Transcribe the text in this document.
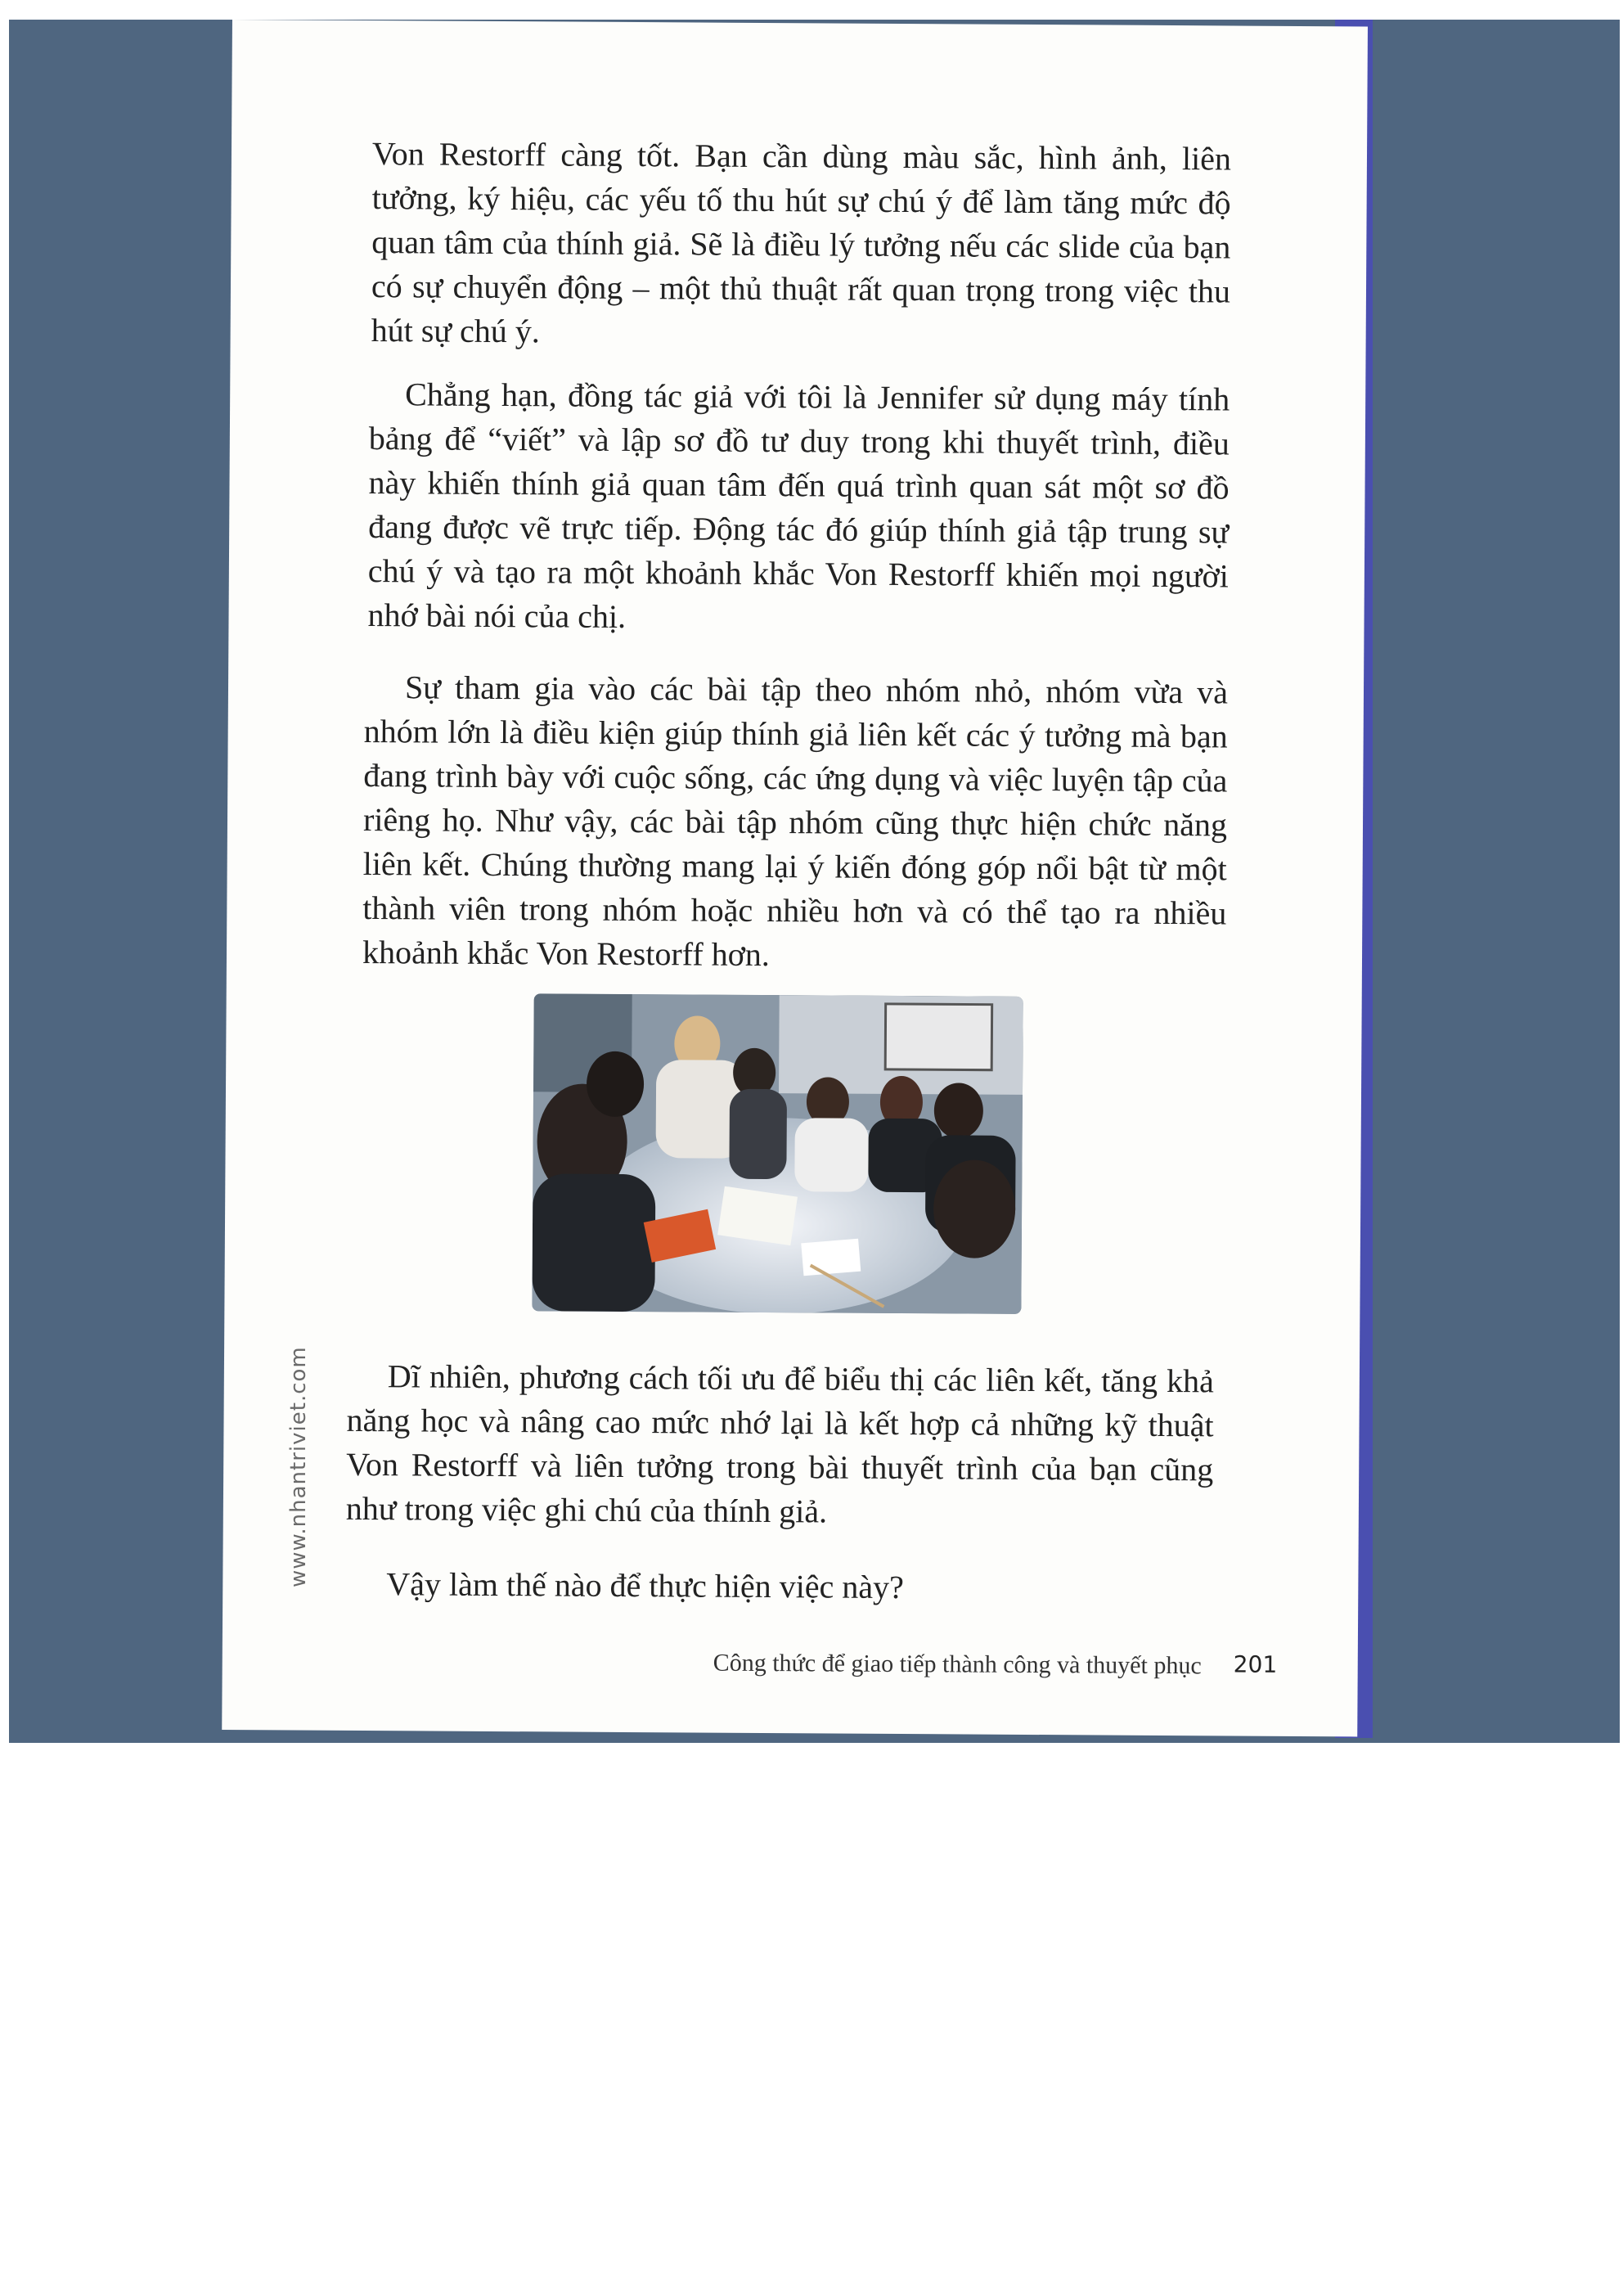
Von Restorff càng tốt. Bạn cần dùng màu sắc, hình ảnh, liên tưởng, ký hiệu, các yếu tố thu hút sự chú ý để làm tăng mức độ quan tâm của thính giả. Sẽ là điều lý tưởng nếu các slide của bạn có sự chuyển động – một thủ thuật rất quan trọng trong việc thu hút sự chú ý.

Chẳng hạn, đồng tác giả với tôi là Jennifer sử dụng máy tính bảng để “viết” và lập sơ đồ tư duy trong khi thuyết trình, điều này khiến thính giả quan tâm đến quá trình quan sát một sơ đồ đang được vẽ trực tiếp. Động tác đó giúp thính giả tập trung sự chú ý và tạo ra một khoảnh khắc Von Restorff khiến mọi người nhớ bài nói của chị.

Sự tham gia vào các bài tập theo nhóm nhỏ, nhóm vừa và nhóm lớn là điều kiện giúp thính giả liên kết các ý tưởng mà bạn đang trình bày với cuộc sống, các ứng dụng và việc luyện tập của riêng họ. Như vậy, các bài tập nhóm cũng thực hiện chức năng liên kết. Chúng thường mang lại ý kiến đóng góp nổi bật từ một thành viên trong nhóm hoặc nhiều hơn và có thể tạo ra nhiều khoảnh khắc Von Restorff hơn.

Dĩ nhiên, phương cách tối ưu để biểu thị các liên kết, tăng khả năng học và nâng cao mức nhớ lại là kết hợp cả những kỹ thuật Von Restorff và liên tưởng trong bài thuyết trình của bạn cũng như trong việc ghi chú của thính giả.

Vậy làm thế nào để thực hiện việc này?

Công thức để giao tiếp thành công và thuyết phục 201
www.nhantriviet.com
